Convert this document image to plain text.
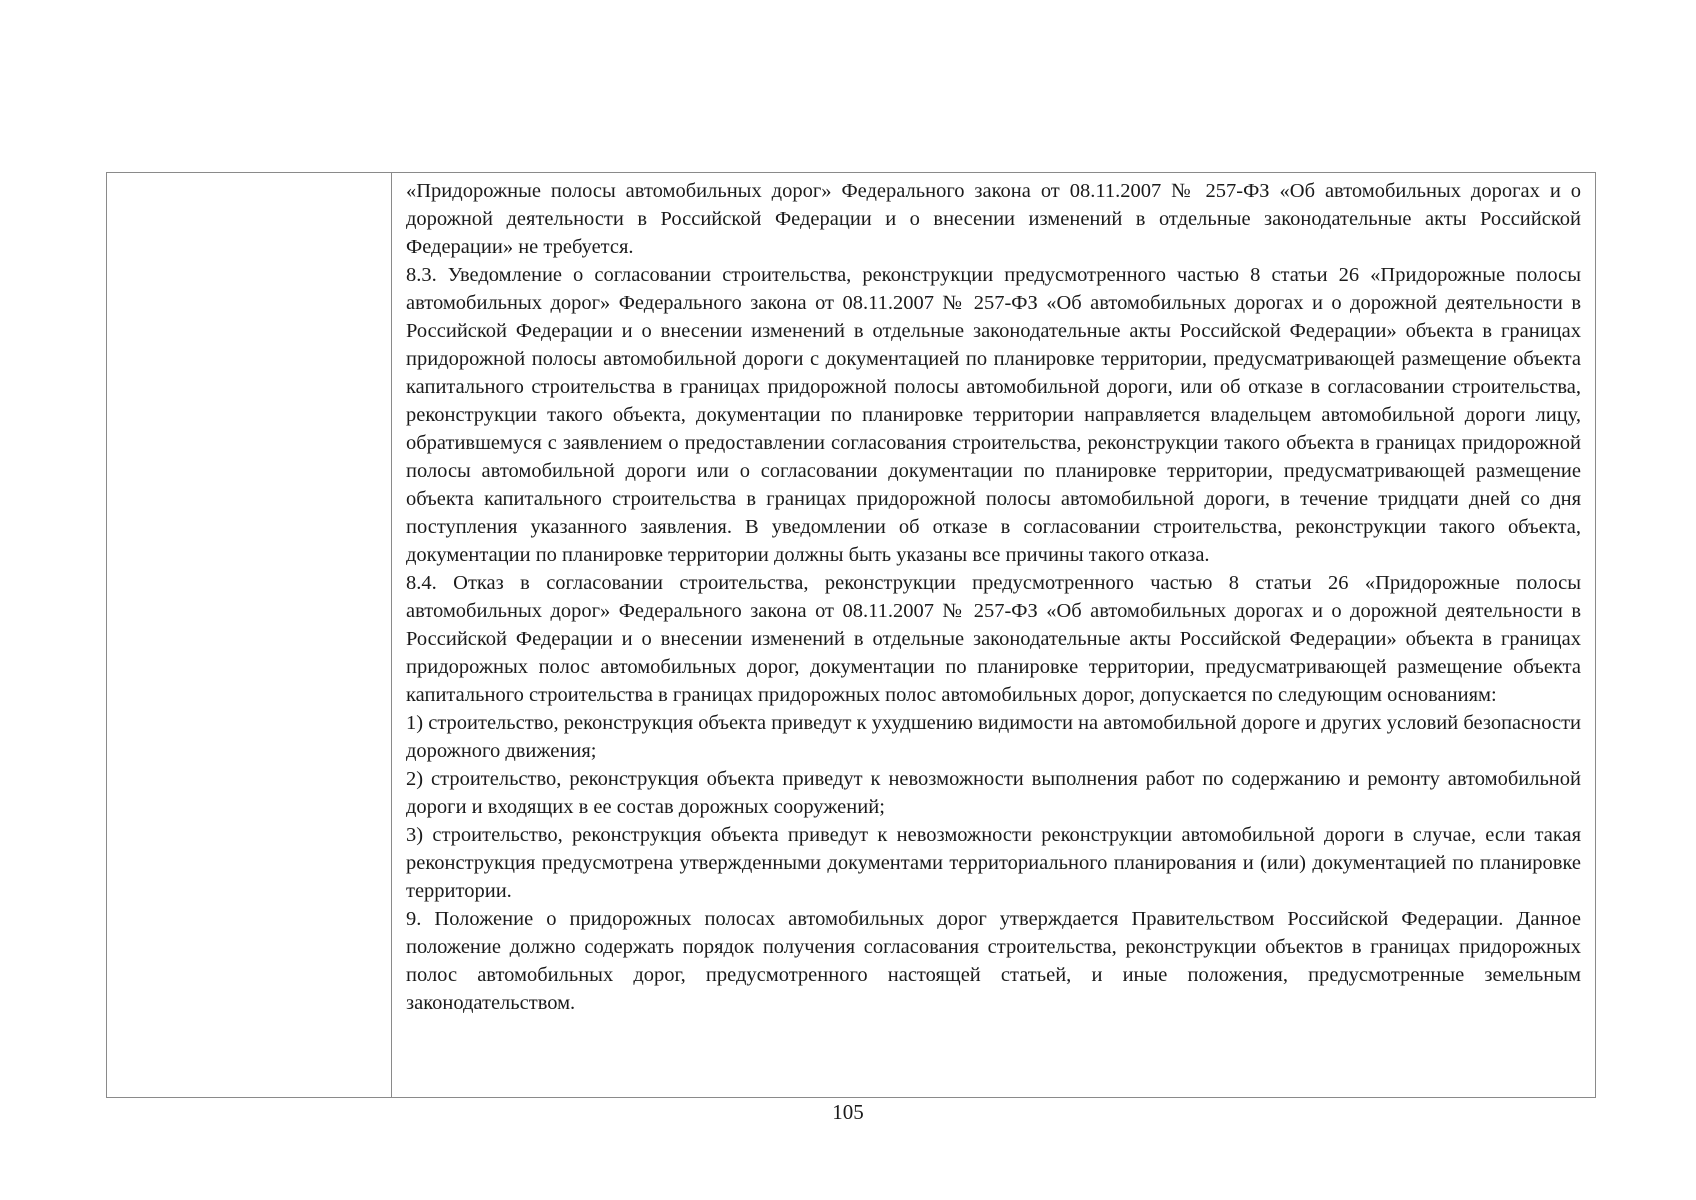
«Придорожные полосы автомобильных дорог» Федерального закона от 08.11.2007 № 257-ФЗ «Об автомобильных дорогах и о дорожной деятельности в Российской Федерации и о внесении изменений в отдельные законодательные акты Российской Федерации» не требуется.

8.3. Уведомление о согласовании строительства, реконструкции предусмотренного частью 8 статьи 26 «Придорожные полосы автомобильных дорог» Федерального закона от 08.11.2007 № 257-ФЗ «Об автомобильных дорогах и о дорожной деятельности в Российской Федерации и о внесении изменений в отдельные законодательные акты Российской Федерации» объекта в границах придорожной полосы автомобильной дороги с документацией по планировке территории, предусматривающей размещение объекта капитального строительства в границах придорожной полосы автомобильной дороги, или об отказе в согласовании строительства, реконструкции такого объекта, документации по планировке территории направляется владельцем автомобильной дороги лицу, обратившемуся с заявлением о предоставлении согласования строительства, реконструкции такого объекта в границах придорожной полосы автомобильной дороги или о согласовании документации по планировке территории, предусматривающей размещение объекта капитального строительства в границах придорожной полосы автомобильной дороги, в течение тридцати дней со дня поступления указанного заявления. В уведомлении об отказе в согласовании строительства, реконструкции такого объекта, документации по планировке территории должны быть указаны все причины такого отказа.

8.4. Отказ в согласовании строительства, реконструкции предусмотренного частью 8 статьи 26 «Придорожные полосы автомобильных дорог» Федерального закона от 08.11.2007 № 257-ФЗ «Об автомобильных дорогах и о дорожной деятельности в Российской Федерации и о внесении изменений в отдельные законодательные акты Российской Федерации» объекта в границах придорожных полос автомобильных дорог, документации по планировке территории, предусматривающей размещение объекта капитального строительства в границах придорожных полос автомобильных дорог, допускается по следующим основаниям:

1) строительство, реконструкция объекта приведут к ухудшению видимости на автомобильной дороге и других условий безопасности дорожного движения;

2) строительство, реконструкция объекта приведут к невозможности выполнения работ по содержанию и ремонту автомобильной дороги и входящих в ее состав дорожных сооружений;

3) строительство, реконструкция объекта приведут к невозможности реконструкции автомобильной дороги в случае, если такая реконструкция предусмотрена утвержденными документами территориального планирования и (или) документацией по планировке территории.

9. Положение о придорожных полосах автомобильных дорог утверждается Правительством Российской Федерации. Данное положение должно содержать порядок получения согласования строительства, реконструкции объектов в границах придорожных полос автомобильных дорог, предусмотренного настоящей статьей, и иные положения, предусмотренные земельным законодательством.

105
